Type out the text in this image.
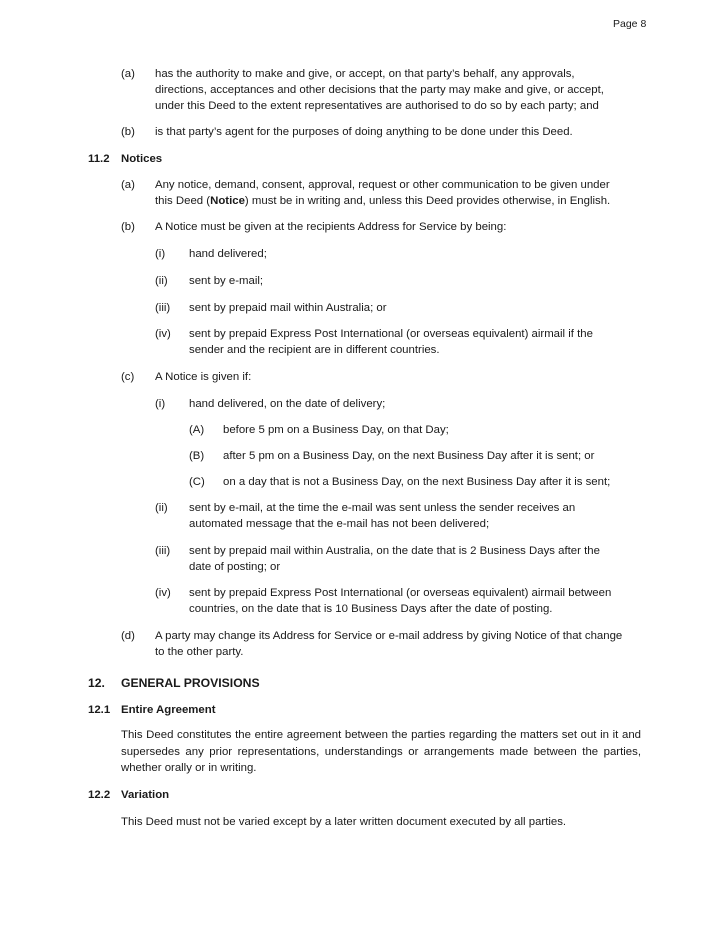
Page 8
(a) has the authority to make and give, or accept, on that party’s behalf, any approvals,
directions, acceptances and other decisions that the party may make and give, or accept,
under this Deed to the extent representatives are authorised to do so by each party; and
(b) is that party’s agent for the purposes of doing anything to be done under this Deed.
11.2 Notices
(a) Any notice, demand, consent, approval, request or other communication to be given under
this Deed (Notice) must be in writing and, unless this Deed provides otherwise, in English.
(b) A Notice must be given at the recipients Address for Service by being:
(i) hand delivered;
(ii) sent by e-mail;
(iii) sent by prepaid mail within Australia; or
(iv) sent by prepaid Express Post International (or overseas equivalent) airmail if the
sender and the recipient are in different countries.
(c) A Notice is given if:
(i) hand delivered, on the date of delivery;
(A) before 5 pm on a Business Day, on that Day;
(B) after 5 pm on a Business Day, on the next Business Day after it is sent; or
(C) on a day that is not a Business Day, on the next Business Day after it is sent;
(ii) sent by e-mail, at the time the e-mail was sent unless the sender receives an
automated message that the e-mail has not been delivered;
(iii) sent by prepaid mail within Australia, on the date that is 2 Business Days after the
date of posting; or
(iv) sent by prepaid Express Post International (or overseas equivalent) airmail between
countries, on the date that is 10 Business Days after the date of posting.
(d) A party may change its Address for Service or e-mail address by giving Notice of that change
to the other party.
12. GENERAL PROVISIONS
12.1 Entire Agreement
This Deed constitutes the entire agreement between the parties regarding the matters set out in it and supersedes any prior representations, understandings or arrangements made between the parties, whether orally or in writing.
12.2 Variation
This Deed must not be varied except by a later written document executed by all parties.
